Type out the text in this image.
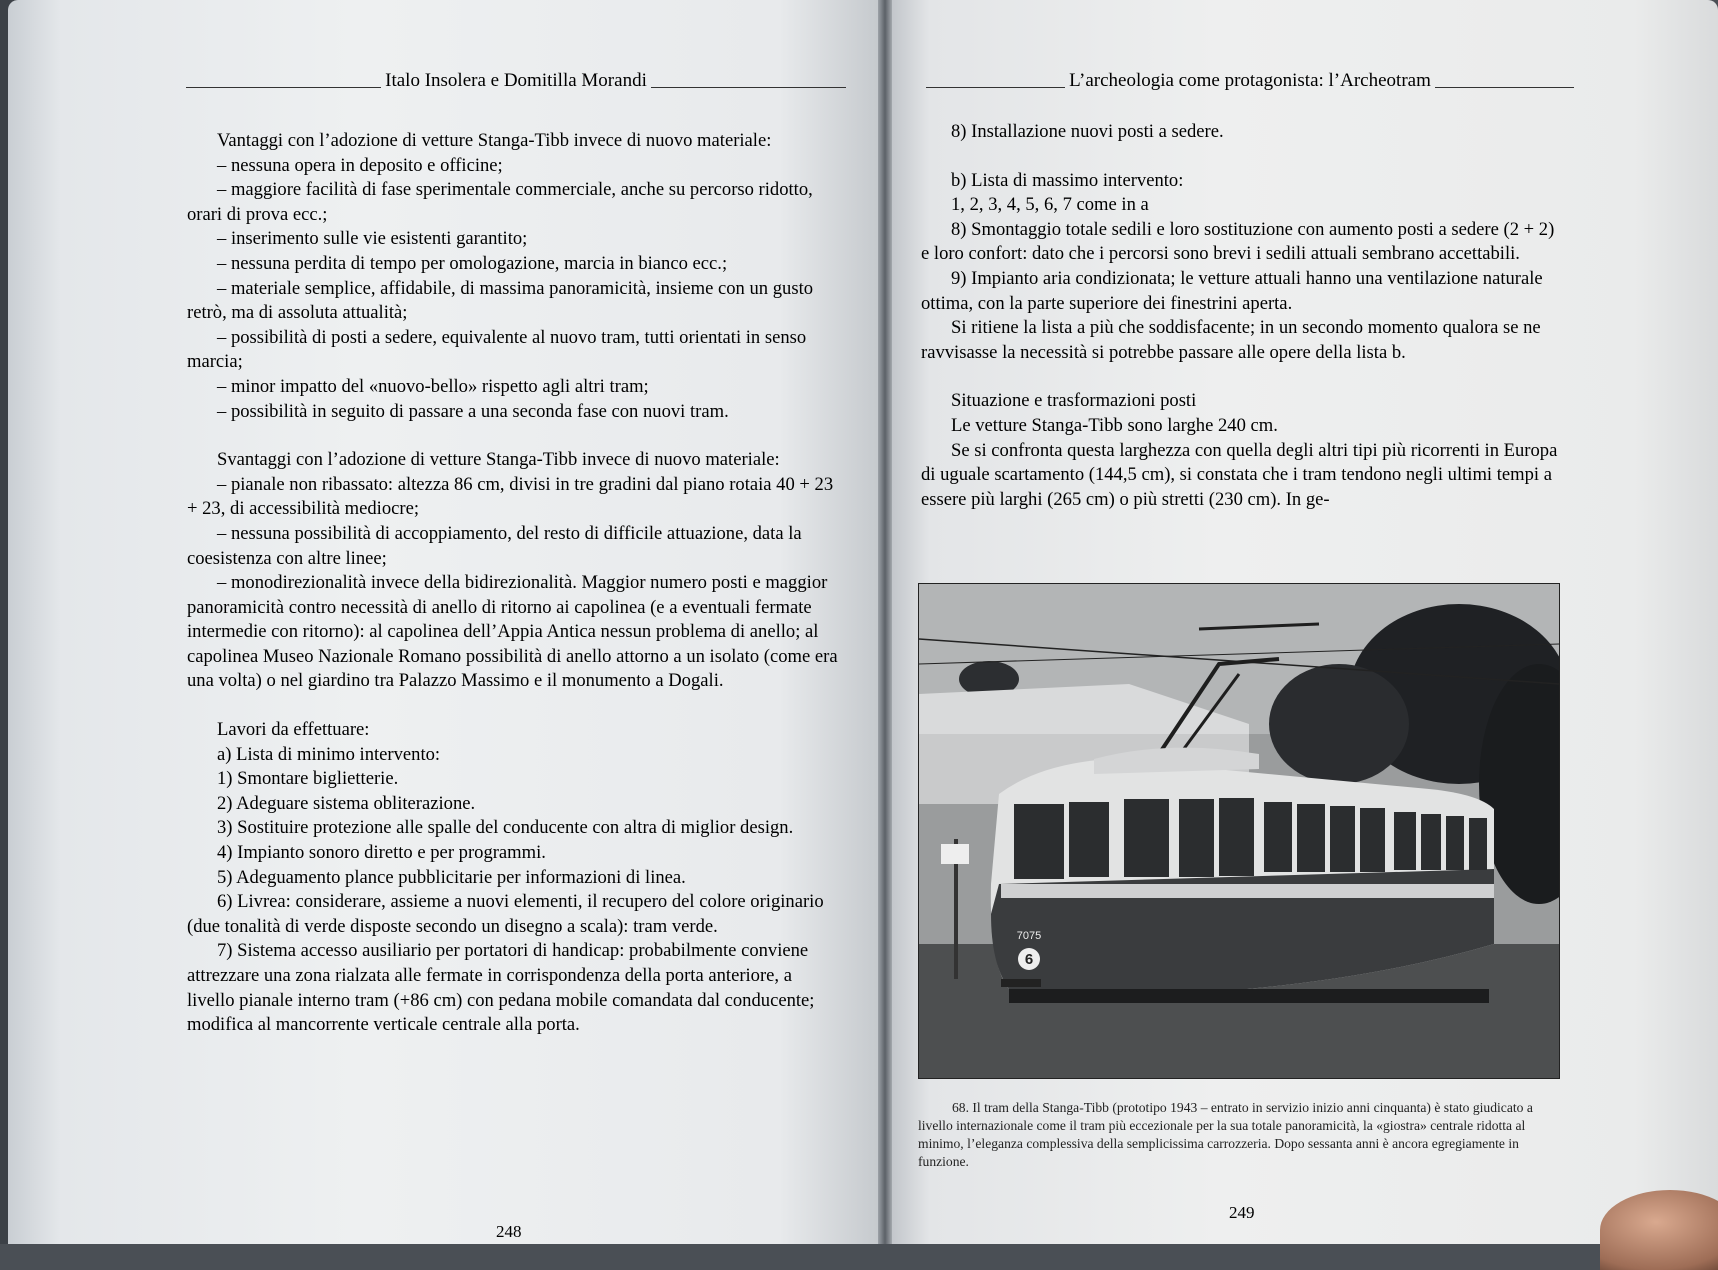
Italo Insolera e Domitilla Morandi	L’archeologia come protagonista: l’Archeotram

Vantaggi con l’adozione di vetture Stanga-Tibb invece di nuovo materiale:

– nessuna opera in deposito e officine;

– maggiore facilità di fase sperimentale commerciale, anche su percorso ridotto, orari di prova ecc.;

– inserimento sulle vie esistenti garantito;

– nessuna perdita di tempo per omologazione, marcia in bianco ecc.;

– materiale semplice, affidabile, di massima panoramicità, insieme con un gusto retrò, ma di assoluta attualità;

– possibilità di posti a sedere, equivalente al nuovo tram, tutti orientati in senso marcia;

– minor impatto del «nuovo-bello» rispetto agli altri tram;

– possibilità in seguito di passare a una seconda fase con nuovi tram.

Svantaggi con l’adozione di vetture Stanga-Tibb invece di nuovo materiale:

– pianale non ribassato: altezza 86 cm, divisi in tre gradini dal piano rotaia 40 + 23 + 23, di accessibilità mediocre;

– nessuna possibilità di accoppiamento, del resto di difficile attuazione, data la coesistenza con altre linee;

– monodirezionalità invece della bidirezionalità. Maggior numero posti e maggior panoramicità contro necessità di anello di ritorno ai capolinea (e a eventuali fermate intermedie con ritorno): al capolinea dell’Appia Antica nessun problema di anello; al capolinea Museo Nazionale Romano possibilità di anello attorno a un isolato (come era una volta) o nel giardino tra Palazzo Massimo e il monumento a Dogali.

Lavori da effettuare:

a) Lista di minimo intervento:

1) Smontare biglietterie.

2) Adeguare sistema obliterazione.

3) Sostituire protezione alle spalle del conducente con altra di miglior design.

4) Impianto sonoro diretto e per programmi.

5) Adeguamento plance pubblicitarie per informazioni di linea.

6) Livrea: considerare, assieme a nuovi elementi, il recupero del colore originario (due tonalità di verde disposte secondo un disegno a scala): tram verde.

7) Sistema accesso ausiliario per portatori di handicap: probabilmente conviene attrezzare una zona rialzata alle fermate in corrispondenza della porta anteriore, a livello pianale interno tram (+86 cm) con pedana mobile comandata dal conducente; modifica al mancorrente verticale centrale alla porta.

8) Installazione nuovi posti a sedere.

b) Lista di massimo intervento:

1, 2, 3, 4, 5, 6, 7 come in a

8) Smontaggio totale sedili e loro sostituzione con aumento posti a sedere (2 + 2) e loro confort: dato che i percorsi sono brevi i sedili attuali sembrano accettabili.

9) Impianto aria condizionata; le vetture attuali hanno una ventilazione naturale ottima, con la parte superiore dei finestrini aperta.

Si ritiene la lista a più che soddisfacente; in un secondo momento qualora se ne ravvisasse la necessità si potrebbe passare alle opere della lista b.

Situazione e trasformazioni posti

Le vetture Stanga-Tibb sono larghe 240 cm.

Se si confronta questa larghezza con quella degli altri tipi più ricorrenti in Europa di uguale scartamento (144,5 cm), si constata che i tram tendono negli ultimi tempi a essere più larghi (265 cm) o più stretti (230 cm). In ge-

6
7075

68. Il tram della Stanga-Tibb (prototipo 1943 – entrato in servizio inizio anni cinquanta) è stato giudicato a livello internazionale come il tram più eccezionale per la sua totale panoramicità, la «giostra» centrale ridotta al minimo, l’eleganza complessiva della semplicissima carrozzeria. Dopo sessanta anni è ancora egregiamente in funzione.

248
249
